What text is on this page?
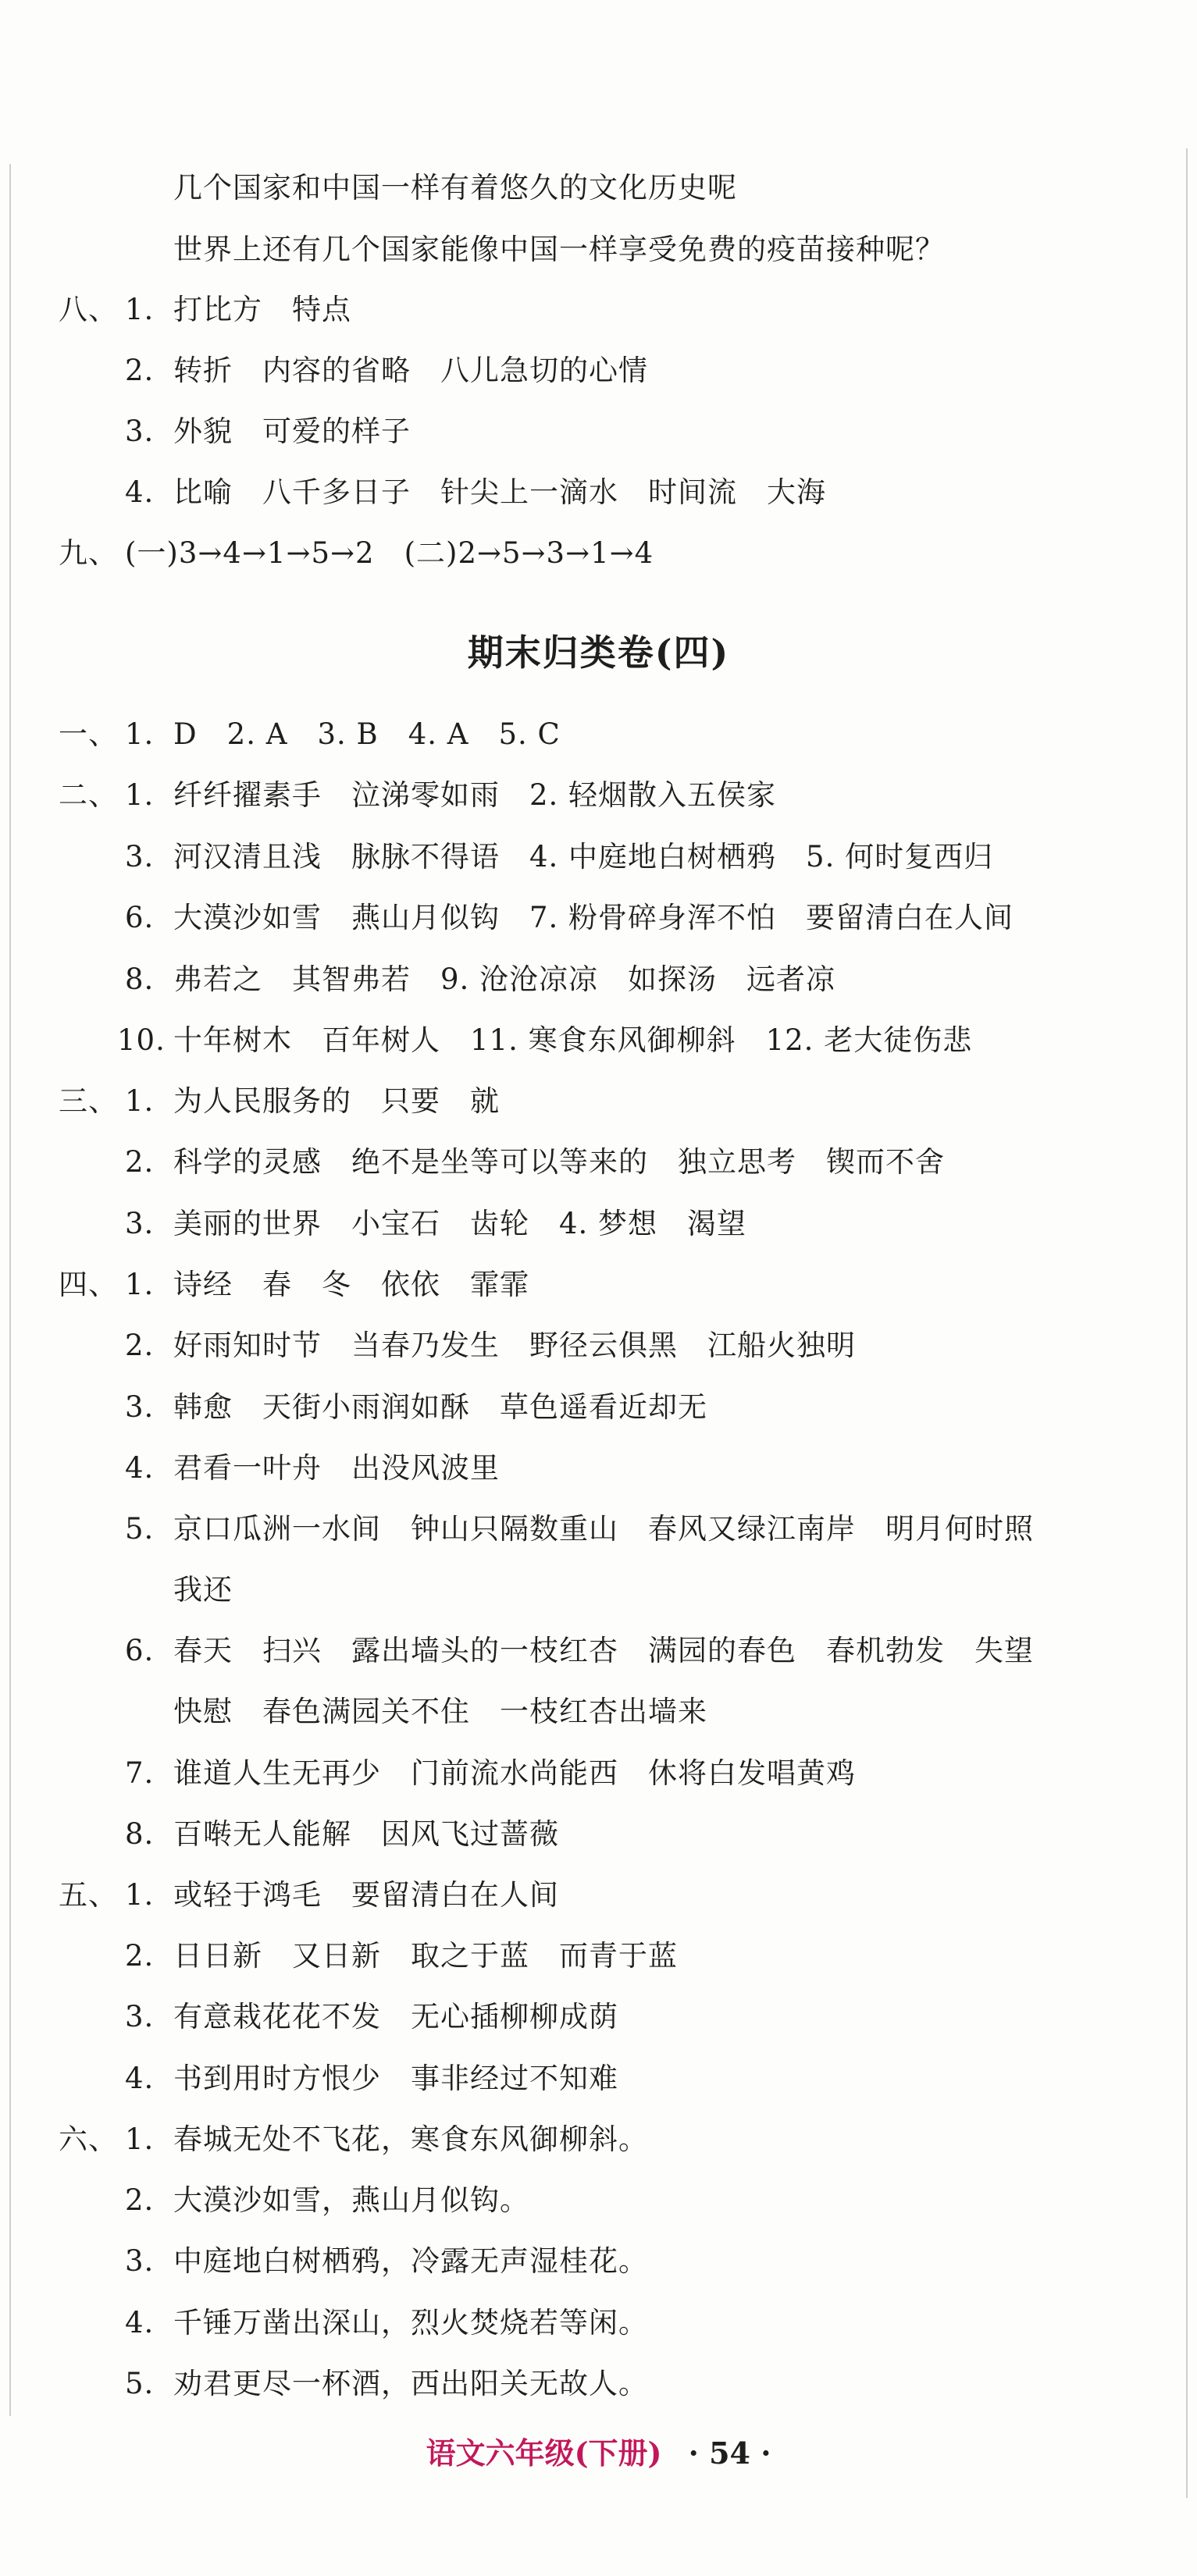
几个国家和中国一样有着悠久的文化历史呢
世界上还有几个国家能像中国一样享受免费的疫苗接种呢？
八、 1. 打比方　特点
2. 转折　内容的省略　八儿急切的心情
3. 外貌　可爱的样子
4. 比喻　八千多日子　针尖上一滴水　时间流　大海
九、 (一)3→4→1→5→2　(二)2→5→3→1→4
期末归类卷(四)
一、 1. D　2. A　3. B　4. A　5. C
二、 1. 纤纤擢素手　泣涕零如雨　2. 轻烟散入五侯家
3. 河汉清且浅　脉脉不得语　4. 中庭地白树栖鸦　5. 何时复西归
6. 大漠沙如雪　燕山月似钩　7. 粉骨碎身浑不怕　要留清白在人间
8. 弗若之　其智弗若　9. 沧沧凉凉　如探汤　远者凉
10. 十年树木　百年树人　11. 寒食东风御柳斜　12. 老大徒伤悲
三、 1. 为人民服务的　只要　就
2. 科学的灵感　绝不是坐等可以等来的　独立思考　锲而不舍
3. 美丽的世界　小宝石　齿轮　4. 梦想　渴望
四、 1. 诗经　春　冬　依依　霏霏
2. 好雨知时节　当春乃发生　野径云俱黑　江船火独明
3. 韩愈　天街小雨润如酥　草色遥看近却无
4. 君看一叶舟　出没风波里
5. 京口瓜洲一水间　钟山只隔数重山　春风又绿江南岸　明月何时照
我还
6. 春天　扫兴　露出墙头的一枝红杏　满园的春色　春机勃发　失望
快慰　春色满园关不住　一枝红杏出墙来
7. 谁道人生无再少　门前流水尚能西　休将白发唱黄鸡
8. 百啭无人能解　因风飞过蔷薇
五、 1. 或轻于鸿毛　要留清白在人间
2. 日日新　又日新　取之于蓝　而青于蓝
3. 有意栽花花不发　无心插柳柳成荫
4. 书到用时方恨少　事非经过不知难
六、 1. 春城无处不飞花，寒食东风御柳斜。
2. 大漠沙如雪，燕山月似钩。
3. 中庭地白树栖鸦，冷露无声湿桂花。
4. 千锤万凿出深山，烈火焚烧若等闲。
5. 劝君更尽一杯酒，西出阳关无故人。
语文六年级(下册) · 54 ·
